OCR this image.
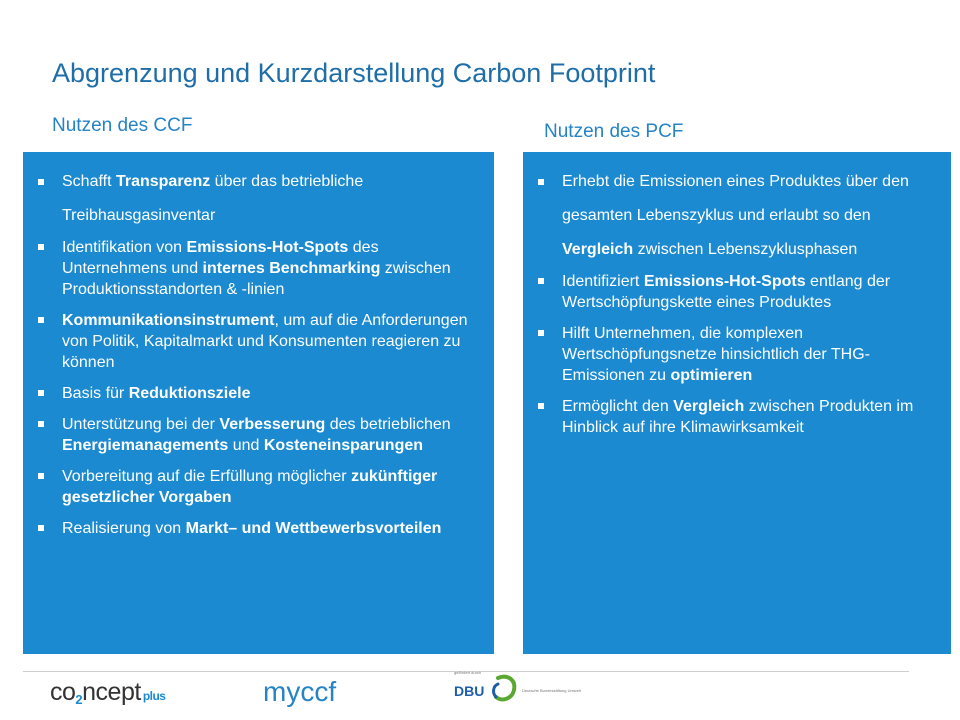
Abgrenzung und Kurzdarstellung Carbon Footprint
Nutzen des CCF	Nutzen des PCF
Schafft Transparenz über das betriebliche Treibhausgasinventar
Identifikation von Emissions-Hot-Spots des Unternehmens und internes Benchmarking zwischen Produktionsstandorten & -linien
Kommunikationsinstrument, um auf die Anforderungen von Politik, Kapitalmarkt und Konsumenten reagieren zu können
Basis für Reduktionsziele
Unterstützung bei der Verbesserung des betrieblichen Energiemanagements und Kosteneinsparungen
Vorbereitung auf die Erfüllung möglicher zukünftiger gesetzlicher Vorgaben
Realisierung von Markt– und Wettbewerbsvorteilen
Erhebt die Emissionen eines Produktes über den gesamten Lebenszyklus und erlaubt so den Vergleich zwischen Lebenszyklusphasen
Identifiziert Emissions-Hot-Spots entlang der Wertschöpfungskette eines Produktes
Hilft Unternehmen, die komplexen Wertschöpfungsnetze hinsichtlich der THG-Emissionen zu optimieren
Ermöglicht den Vergleich zwischen Produkten im Hinblick auf ihre Klimawirksamkeit
$co_2ncept$ plus	myccf
gefördert durch
DBU	Deutsche Bundesstiftung Umwelt
